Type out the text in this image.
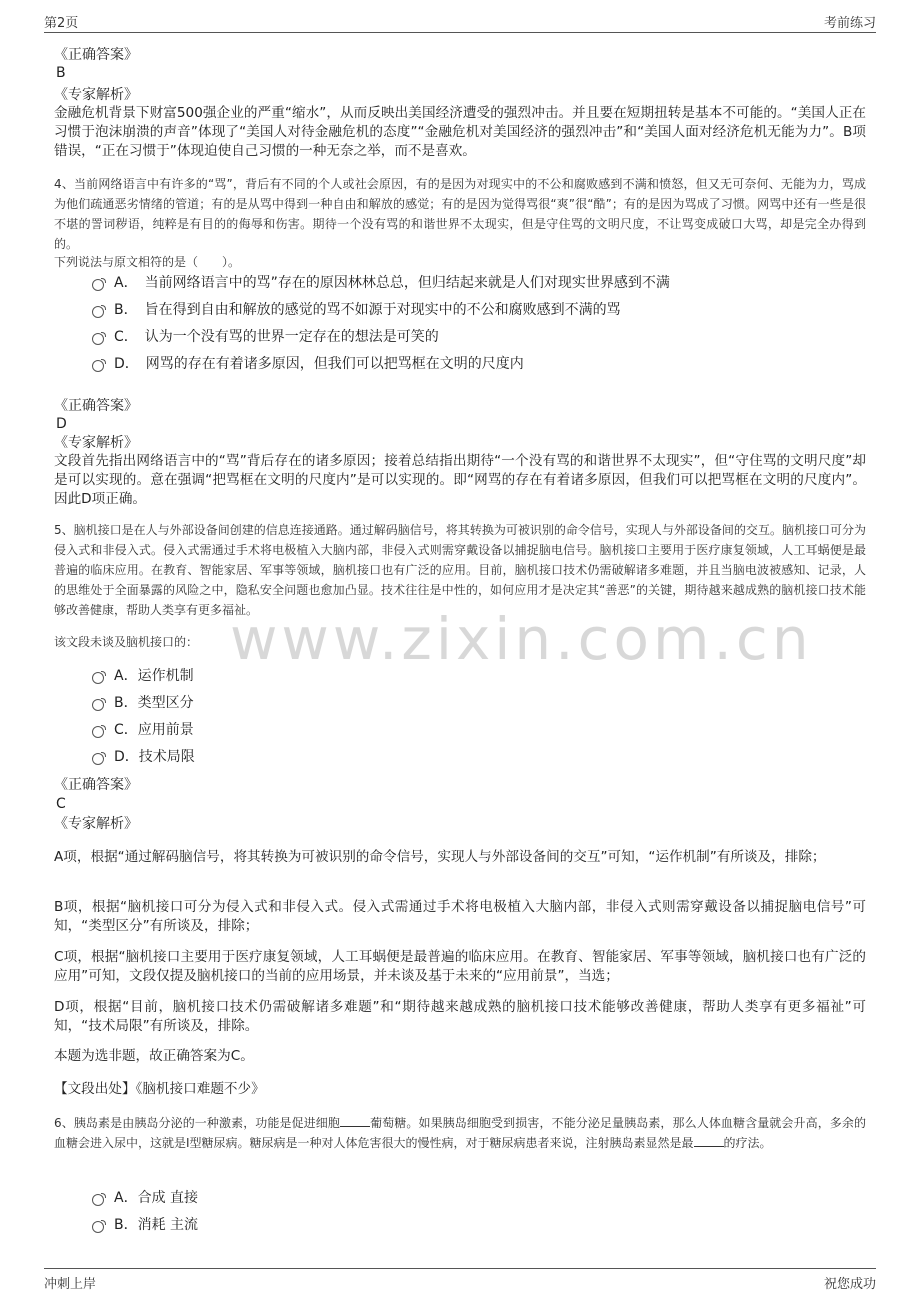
第2页	考前练习
www.zixin.com.cn

《正确答案》

B

《专家解析》

金融危机背景下财富500强企业的严重“缩水”，从而反映出美国经济遭受的强烈冲击。并且要在短期扭转是基本不可能的。“美国人正在习惯于泡沫崩溃的声音”体现了“美国人对待金融危机的态度”“金融危机对美国经济的强烈冲击”和“美国人面对经济危机无能为力”。B项错误，“正在习惯于”体现迫使自己习惯的一种无奈之举，而不是喜欢。

4、当前网络语言中有许多的“骂”，背后有不同的个人或社会原因，有的是因为对现实中的不公和腐败感到不满和愤怒，但又无可奈何、无能为力，骂成为他们疏通恶劣情绪的管道；有的是从骂中得到一种自由和解放的感觉；有的是因为觉得骂很“爽”很“酷”；有的是因为骂成了习惯。网骂中还有一些是很不堪的詈词秽语，纯粹是有目的的侮辱和伤害。期待一个没有骂的和谐世界不太现实，但是守住骂的文明尺度，不让骂变成破口大骂，却是完全办得到的。

下列说法与原文相符的是（　　）。

A．　当前网络语言中的骂”存在的原因林林总总，但归结起来就是人们对现实世界感到不满
B．　旨在得到自由和解放的感觉的骂不如源于对现实中的不公和腐败感到不满的骂
C．　认为一个没有骂的世界一定存在的想法是可笑的
D．　网骂的存在有着诸多原因，但我们可以把骂框在文明的尺度内

《正确答案》

D

《专家解析》

文段首先指出网络语言中的“骂”背后存在的诸多原因；接着总结指出期待“一个没有骂的和谐世界不太现实”，但“守住骂的文明尺度”却是可以实现的。意在强调“把骂框在文明的尺度内”是可以实现的。即“网骂的存在有着诸多原因，但我们可以把骂框在文明的尺度内”。因此D项正确。

5、脑机接口是在人与外部设备间创建的信息连接通路。通过解码脑信号，将其转换为可被识别的命令信号，实现人与外部设备间的交互。脑机接口可分为侵入式和非侵入式。侵入式需通过手术将电极植入大脑内部，非侵入式则需穿戴设备以捕捉脑电信号。脑机接口主要用于医疗康复领域，人工耳蜗便是最普遍的临床应用。在教育、智能家居、军事等领域，脑机接口也有广泛的应用。目前，脑机接口技术仍需破解诸多难题，并且当脑电波被感知、记录，人的思维处于全面暴露的风险之中，隐私安全问题也愈加凸显。技术往往是中性的，如何应用才是决定其“善恶”的关键，期待越来越成熟的脑机接口技术能够改善健康，帮助人类享有更多福祉。

该文段未谈及脑机接口的：

A．运作机制
B．类型区分
C．应用前景
D．技术局限

《正确答案》

C

《专家解析》

A项，根据“通过解码脑信号，将其转换为可被识别的命令信号，实现人与外部设备间的交互”可知，“运作机制”有所谈及，排除；

B项，根据“脑机接口可分为侵入式和非侵入式。侵入式需通过手术将电极植入大脑内部，非侵入式则需穿戴设备以捕捉脑电信号”可知，“类型区分”有所谈及，排除；

C项，根据“脑机接口主要用于医疗康复领域，人工耳蜗便是最普遍的临床应用。在教育、智能家居、军事等领域，脑机接口也有广泛的应用”可知，文段仅提及脑机接口的当前的应用场景，并未谈及基于未来的“应用前景”，当选；

D项，根据“目前，脑机接口技术仍需破解诸多难题”和“期待越来越成熟的脑机接口技术能够改善健康，帮助人类享有更多福祉”可知，“技术局限”有所谈及，排除。

本题为选非题，故正确答案为C。

【文段出处】《脑机接口难题不少》

6、胰岛素是由胰岛分泌的一种激素，功能是促进细胞	葡萄糖。如果胰岛细胞受到损害，不能分泌足量胰岛素，那么人体血糖含量就会升高，多余的血糖会进入尿中，这就是Ⅰ型糖尿病。糖尿病是一种对人体危害很大的慢性病，对于糖尿病患者来说，注射胰岛素显然是最	的疗法。

A．合成 直接
B．消耗 主流
冲刺上岸	祝您成功
